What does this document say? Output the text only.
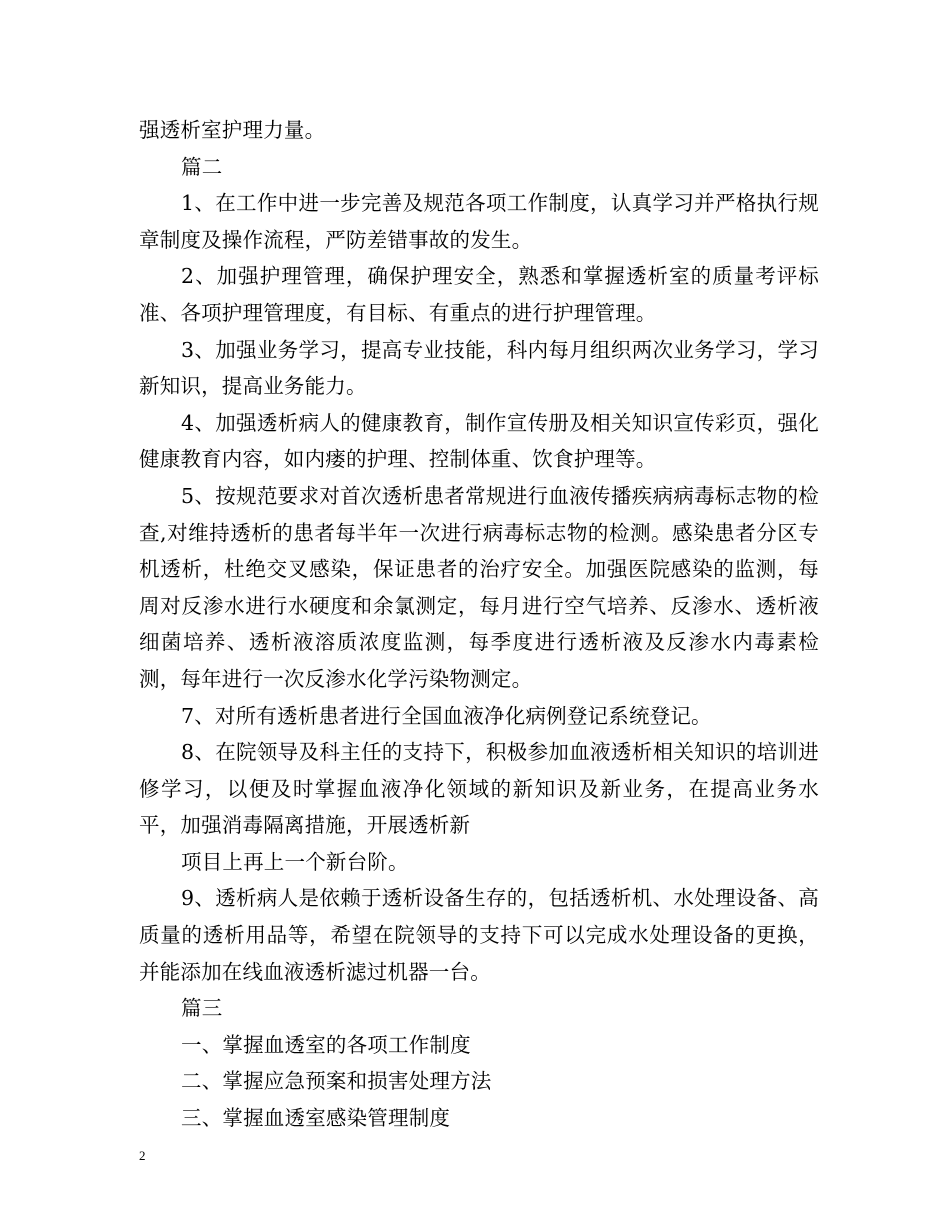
强透析室护理力量。

篇二

1、在工作中进一步完善及规范各项工作制度，认真学习并严格执行规章制度及操作流程，严防差错事故的发生。

2、加强护理管理，确保护理安全，熟悉和掌握透析室的质量考评标准、各项护理管理度，有目标、有重点的进行护理管理。

3、加强业务学习，提高专业技能，科内每月组织两次业务学习，学习新知识，提高业务能力。

4、加强透析病人的健康教育，制作宣传册及相关知识宣传彩页，强化健康教育内容，如内瘘的护理、控制体重、饮食护理等。

5、按规范要求对首次透析患者常规进行血液传播疾病病毒标志物的检查,对维持透析的患者每半年一次进行病毒标志物的检测。感染患者分区专机透析，杜绝交叉感染，保证患者的治疗安全。加强医院感染的监测，每周对反渗水进行水硬度和余氯测定，每月进行空气培养、反渗水、透析液细菌培养、透析液溶质浓度监测，每季度进行透析液及反渗水内毒素检测，每年进行一次反渗水化学污染物测定。

7、对所有透析患者进行全国血液净化病例登记系统登记。

8、在院领导及科主任的支持下，积极参加血液透析相关知识的培训进修学习，以便及时掌握血液净化领域的新知识及新业务，在提高业务水平，加强消毒隔离措施，开展透析新

项目上再上一个新台阶。

9、透析病人是依赖于透析设备生存的，包括透析机、水处理设备、高质量的透析用品等，希望在院领导的支持下可以完成水处理设备的更换，并能添加在线血液透析滤过机器一台。

篇三

一、掌握血透室的各项工作制度

二、掌握应急预案和损害处理方法

三、掌握血透室感染管理制度

2
